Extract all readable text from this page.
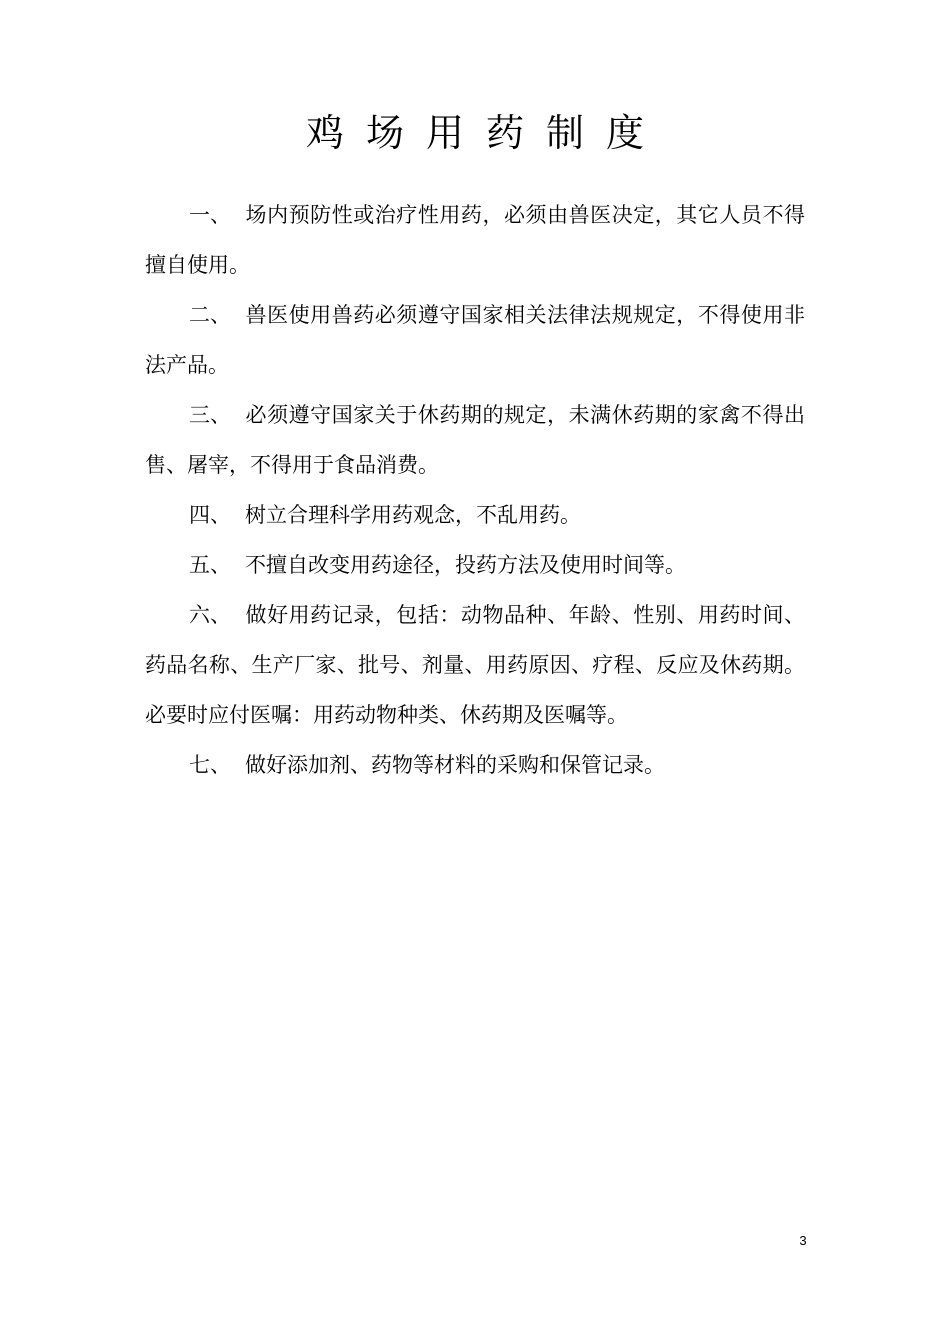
鸡场用药制度

一、 场内预防性或治疗性用药，必须由兽医决定，其它人员不得擅自使用。

二、 兽医使用兽药必须遵守国家相关法律法规规定，不得使用非法产品。

三、 必须遵守国家关于休药期的规定，未满休药期的家禽不得出售、屠宰，不得用于食品消费。

四、 树立合理科学用药观念，不乱用药。

五、 不擅自改变用药途径，投药方法及使用时间等。

六、 做好用药记录，包括：动物品种、年龄、性别、用药时间、药品名称、生产厂家、批号、剂量、用药原因、疗程、反应及休药期。必要时应付医嘱：用药动物种类、休药期及医嘱等。

七、 做好添加剂、药物等材料的采购和保管记录。

3
